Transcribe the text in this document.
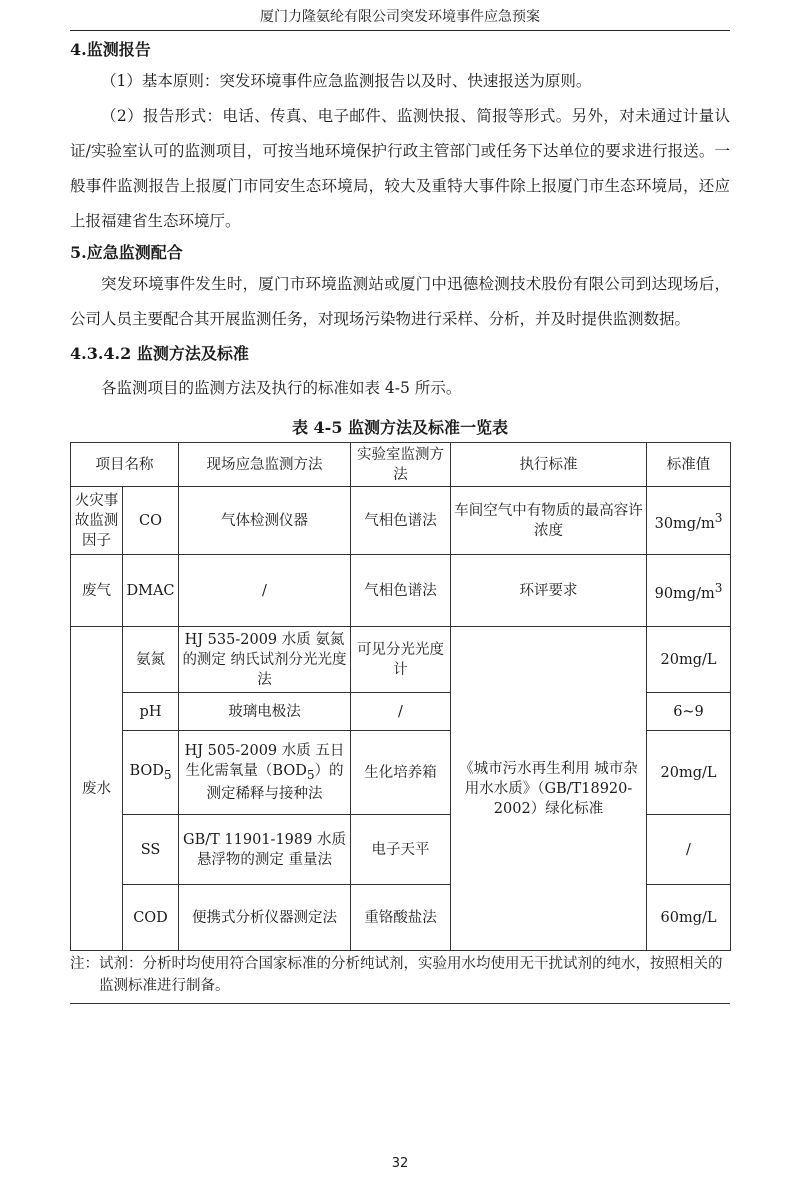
厦门力隆氨纶有限公司突发环境事件应急预案
4.监测报告

（1）基本原则：突发环境事件应急监测报告以及时、快速报送为原则。

（2）报告形式：电话、传真、电子邮件、监测快报、简报等形式。另外，对未通过计量认证/实验室认可的监测项目，可按当地环境保护行政主管部门或任务下达单位的要求进行报送。一般事件监测报告上报厦门市同安生态环境局，较大及重特大事件除上报厦门市生态环境局，还应上报福建省生态环境厅。

5.应急监测配合

突发环境事件发生时，厦门市环境监测站或厦门中迅德检测技术股份有限公司到达现场后，公司人员主要配合其开展监测任务，对现场污染物进行采样、分析，并及时提供监测数据。

4.3.4.2 监测方法及标准

各监测项目的监测方法及执行的标准如表 4-5 所示。

表 4-5 监测方法及标准一览表
项目名称		现场应急监测方法	实验室监测方法	执行标准	标准值
火灾事故监测因子	CO	气体检测仪器	气相色谱法	车间空气中有物质的最高容许浓度	$30mg/m^3$
废气	DMAC	/	气相色谱法	环评要求	$90mg/m^3$
废水	氨氮	HJ 535-2009 水质 氨氮的测定 纳氏试剂分光光度法	可见分光光度计	《城市污水再生利用 城市杂用水水质》（GB/T18920-2002）绿化标准	20mg/L
	pH	玻璃电极法	/		6~9
	$BOD_5$	HJ 505-2009 水质 五日生化需氧量$(BOD_5)$的测定稀释与接种法	生化培养箱		20mg/L
	SS	GB/T 11901-1989 水质 悬浮物的测定 重量法	电子天平		/
	COD	便携式分析仪器测定法	重铬酸盐法		60mg/L
注： 试剂：分析时均使用符合国家标准的分析纯试剂，实验用水均使用无干扰试剂的纯水，按照相关的监测标准进行制备。
32
